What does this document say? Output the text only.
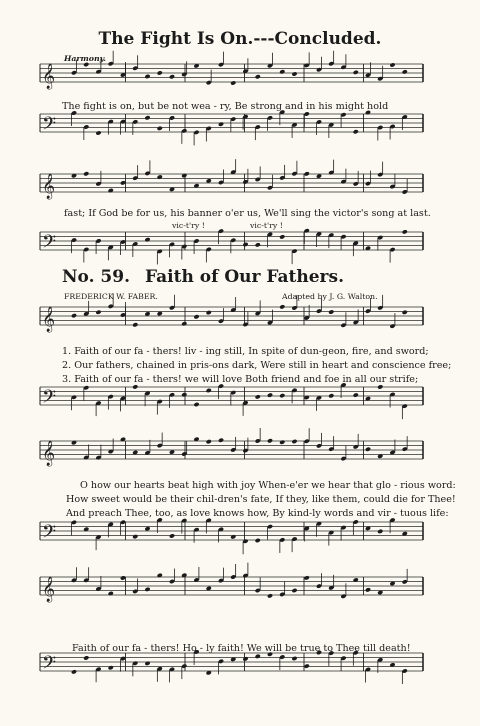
𝄞
𝄢
𝄞
𝄢
𝄞
𝄢
𝄞
𝄢
𝄞
𝄢
The Fight Is On.---Concluded.
Harmony.
The fight is on, but be not wea - ry, Be strong and in his might hold
fast; If God be for us, his banner o'er us, We'll sing the victor's song at last.
vic-t'ry !	vic-t'ry !
No. 59. Faith of Our Fathers.
FREDERICK W. FABER.	Adapted by J. G. Walton.
1. Faith of our fa - thers! liv - ing still, In spite of dun-geon, fire, and sword;
2. Our fathers, chained in pris-ons dark, Were still in heart and conscience free;
3. Faith of our fa - thers! we will love Both friend and foe in all our strife;
O how our hearts beat high with joy When-e'er we hear that glo - rious word:
How sweet would be their chil-dren's fate, If they, like them, could die for Thee!
And preach Thee, too, as love knows how, By kind-ly words and vir - tuous life:
Faith of our fa - thers! Ho - ly faith! We will be true to Thee till death!
